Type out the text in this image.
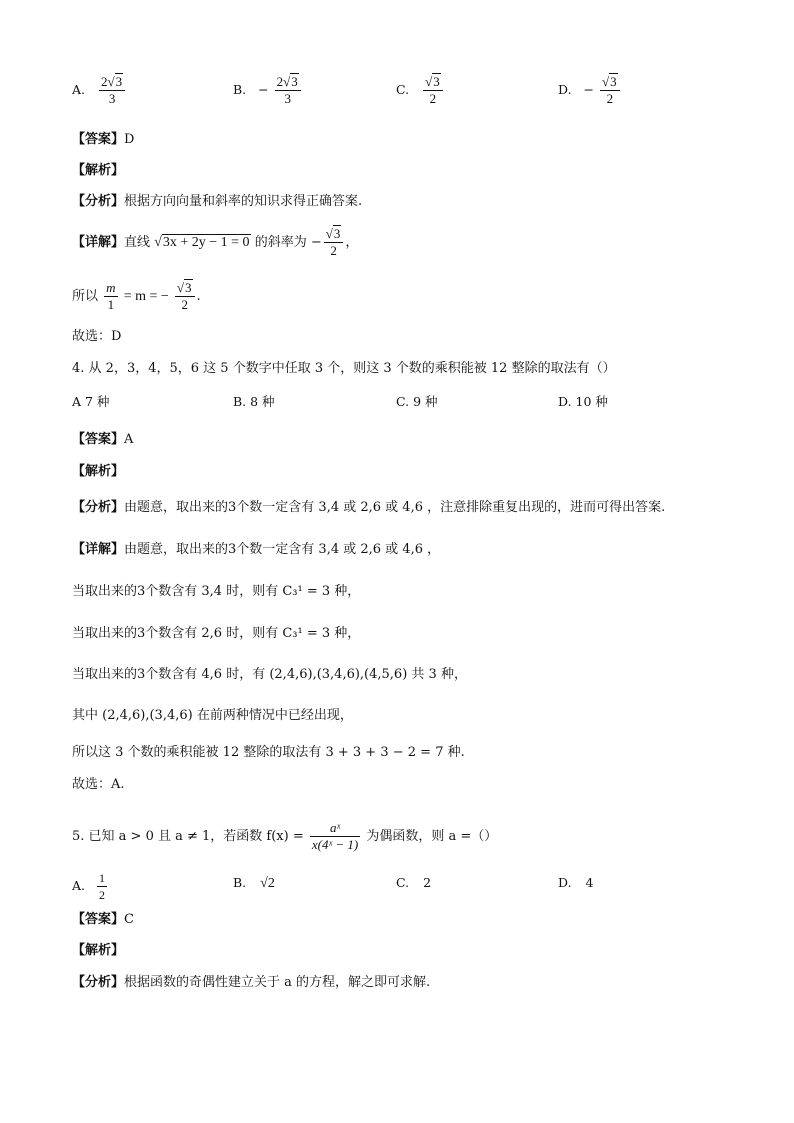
A. $\frac{2√3}{3}$	B. − $\frac{2√3}{3}$	C. $\frac{√3}{2}$	D. − $\frac{√3}{2}$
【答案】D
【解析】
【分析】根据方向向量和斜率的知识求得正确答案.
【详解】直线 √3x + 2y − 1 = 0 的斜率为 − $\frac{√3}{2}$ ，
所以 $\frac{m}{1} = m$ = − $\frac{√3}{2}$ .
故选：D
4. 从 2，3，4，5，6 这 5 个数字中任取 3 个，则这 3 个数的乘积能被 12 整除的取法有（）
A 7 种	B. 8 种	C. 9 种	D. 10 种
【答案】A
【解析】
【分析】由题意，取出来的3个数一定含有 3,4 或 2,6 或 4,6 ，注意排除重复出现的，进而可得出答案.
【详解】由题意，取出来的3个数一定含有 3,4 或 2,6 或 4,6 ，
当取出来的3个数含有 3,4 时，则有 C₃¹ = 3 种，
当取出来的3个数含有 2,6 时，则有 C₃¹ = 3 种，
当取出来的3个数含有 4,6 时，有 (2,4,6),(3,4,6),(4,5,6) 共 3 种，
其中 (2,4,6),(3,4,6) 在前两种情况中已经出现，
所以这 3 个数的乘积能被 12 整除的取法有 3 + 3 + 3 − 2 = 7 种.
故选：A.
5. 已知 a > 0 且 a ≠ 1，若函数 $f(x) = \frac{\text{aˣ}}{\text{x(4ˣ − 1)}}$ 为偶函数，则 a =（）
A. $\frac{1}{2}$	B. √2	C. 2	D. 4
【答案】C
【解析】
【分析】根据函数的奇偶性建立关于 a 的方程，解之即可求解.
